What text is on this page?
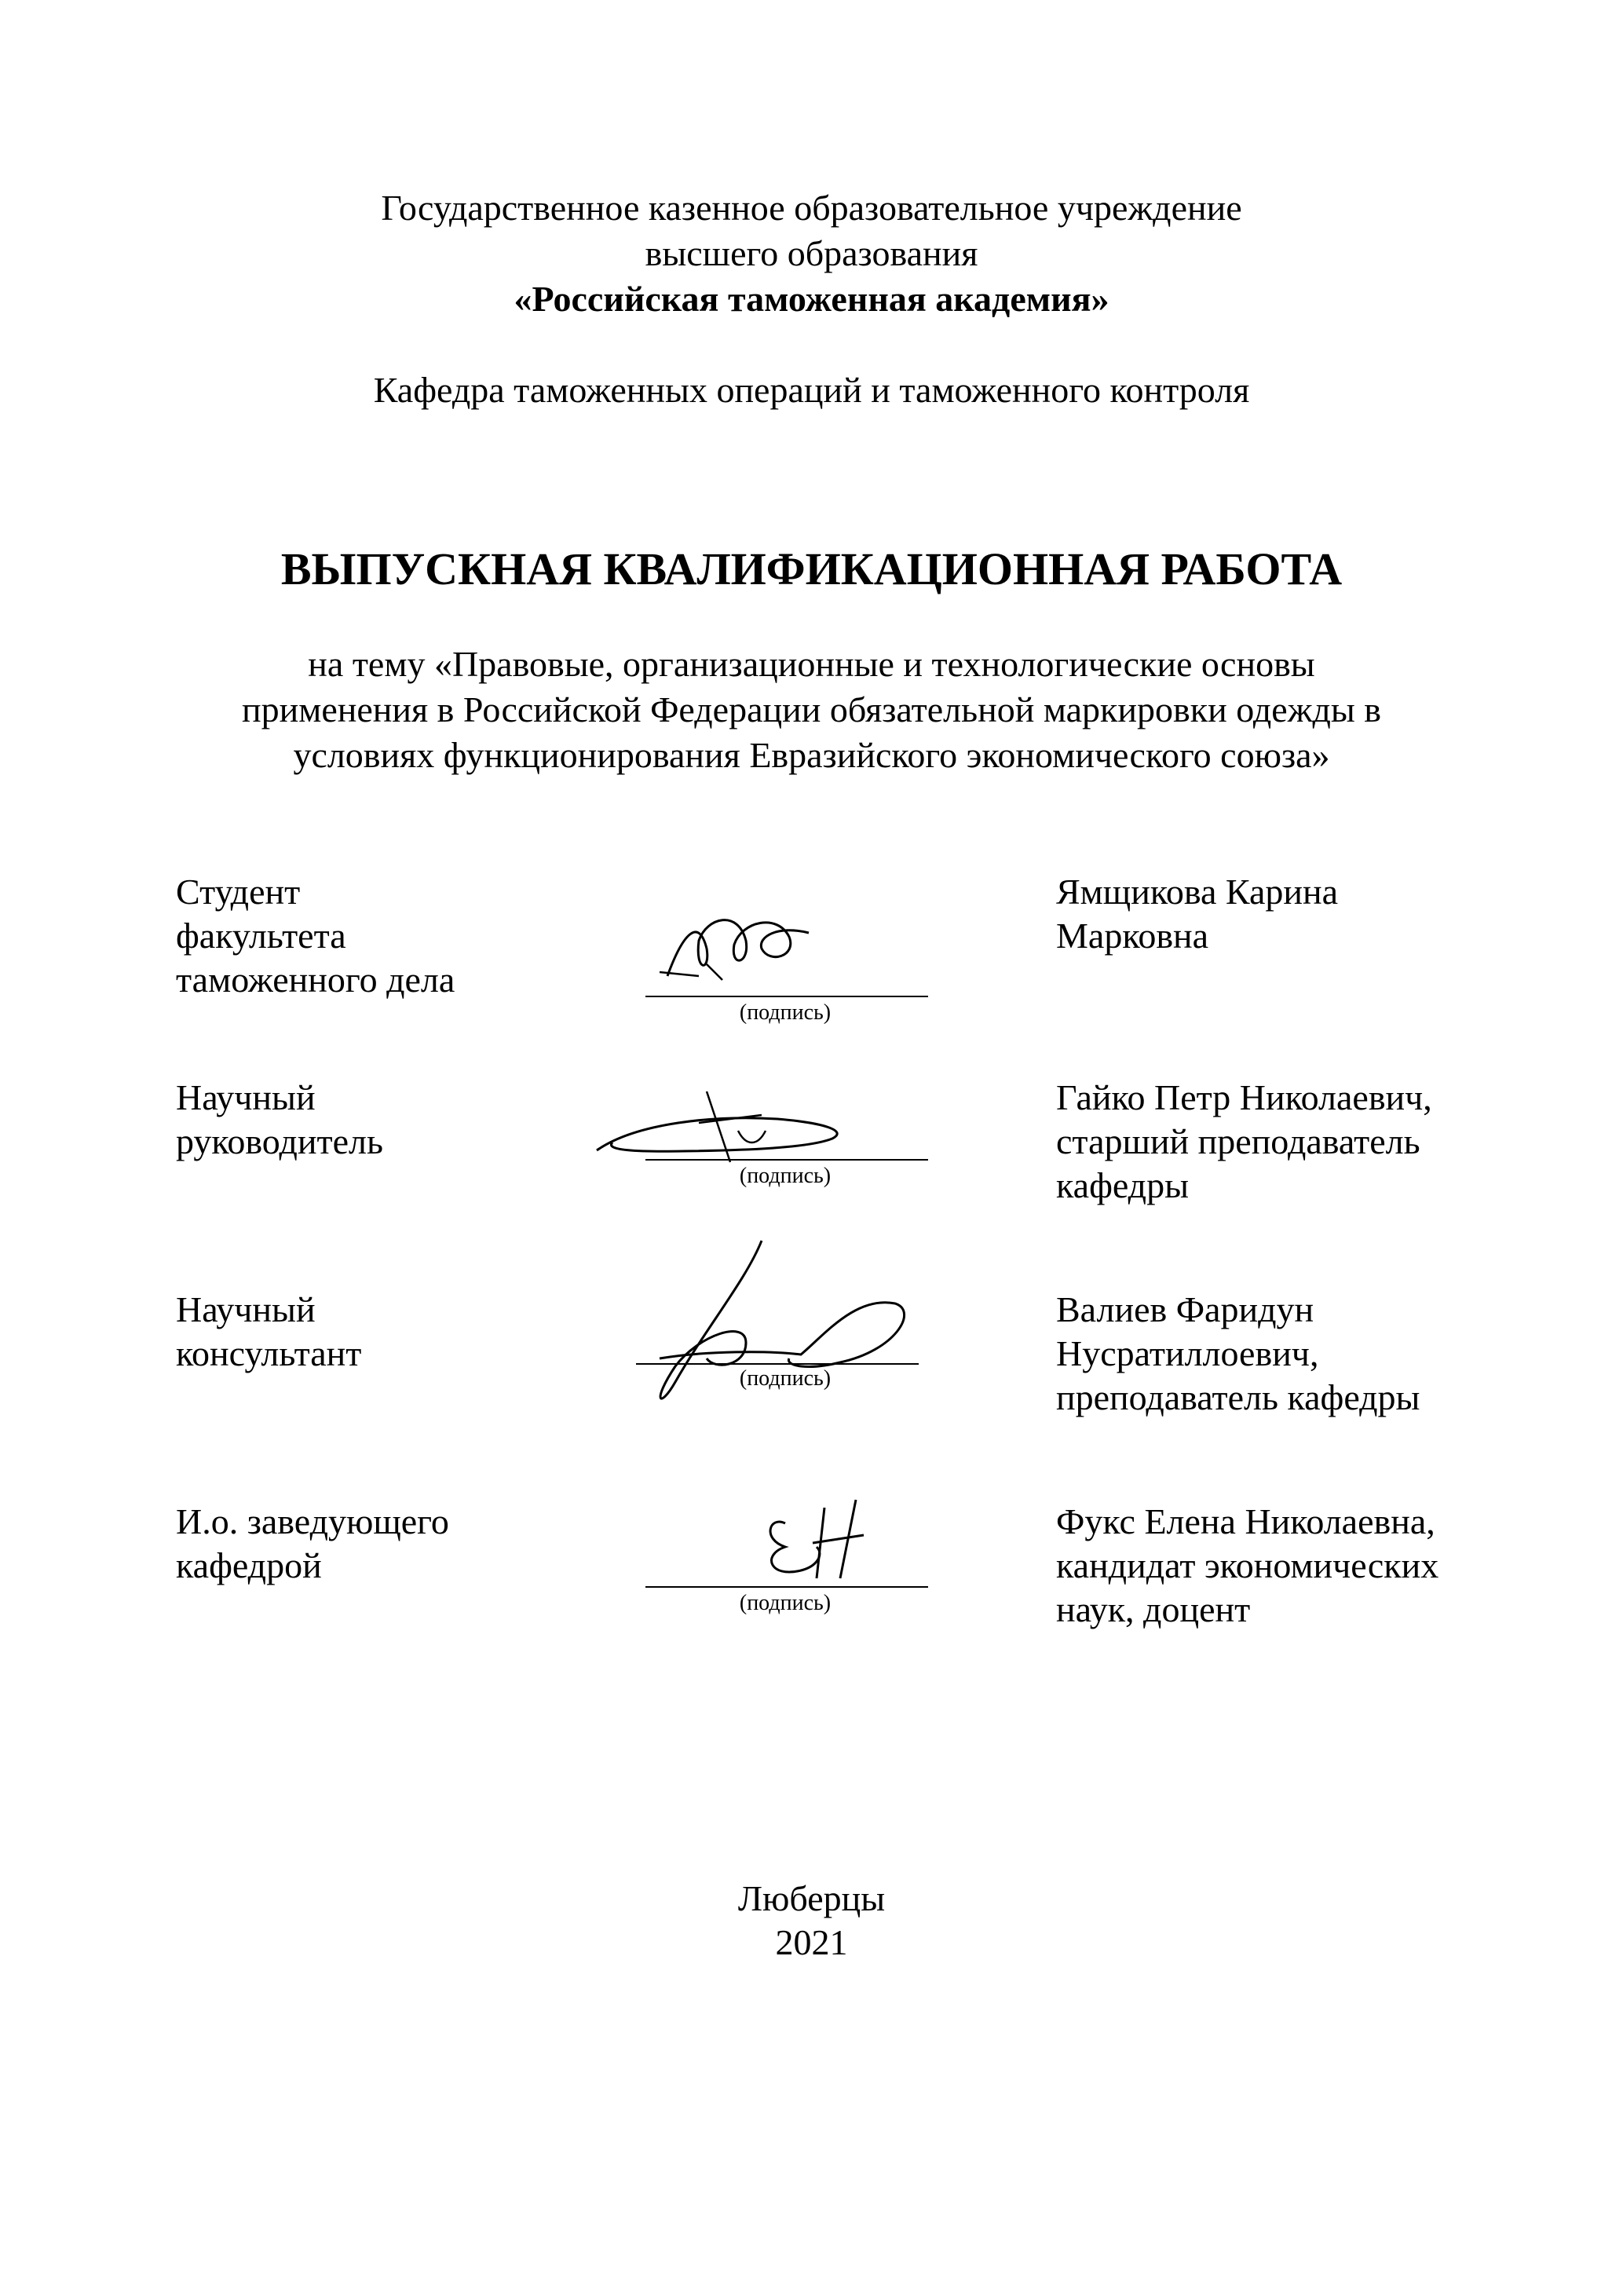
Государственное казенное образовательное учреждение
высшего образования
«Российская таможенная академия»
Кафедра таможенных операций и таможенного контроля
ВЫПУСКНАЯ КВАЛИФИКАЦИОННАЯ РАБОТА
на тему «Правовые, организационные и технологические основы
применения в Российской Федерации обязательной маркировки одежды в
условиях функционирования Евразийского экономического союза»
Студент
факультета
таможенного дела
(подпись)
Ямщикова Карина
Марковна
Научный
руководитель
(подпись)
Гайко Петр Николаевич,
старший преподаватель
кафедры
Научный
консультант
(подпись)
Валиев Фаридун
Нусратиллоевич,
преподаватель кафедры
И.о. заведующего
кафедрой
(подпись)
Фукс Елена Николаевна,
кандидат экономических
наук, доцент
Люберцы
2021
